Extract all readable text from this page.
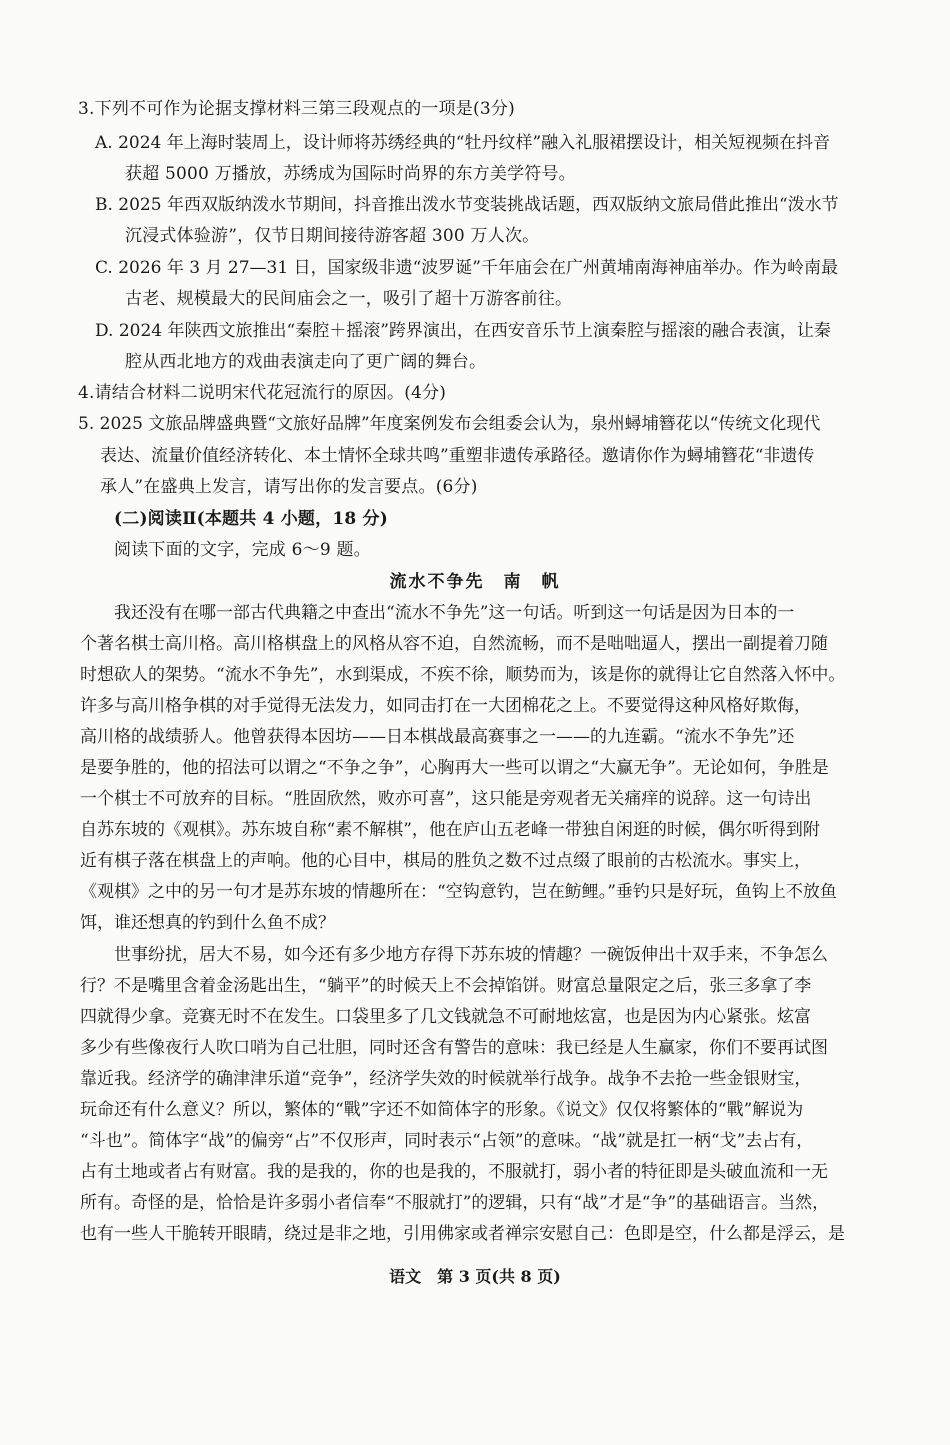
3.下列不可作为论据支撑材料三第三段观点的一项是(3分)
A. 2024 年上海时装周上，设计师将苏绣经典的“牡丹纹样”融入礼服裙摆设计，相关短视频在抖音
获超 5000 万播放，苏绣成为国际时尚界的东方美学符号。
B. 2025 年西双版纳泼水节期间，抖音推出泼水节变装挑战话题，西双版纳文旅局借此推出“泼水节
沉浸式体验游”，仅节日期间接待游客超 300 万人次。
C. 2026 年 3 月 27—31 日，国家级非遗“波罗诞”千年庙会在广州黄埔南海神庙举办。作为岭南最
古老、规模最大的民间庙会之一，吸引了超十万游客前往。
D. 2024 年陕西文旅推出“秦腔＋摇滚”跨界演出，在西安音乐节上演秦腔与摇滚的融合表演，让秦
腔从西北地方的戏曲表演走向了更广阔的舞台。
4.请结合材料二说明宋代花冠流行的原因。(4分)
5. 2025 文旅品牌盛典暨“文旅好品牌”年度案例发布会组委会认为，泉州蟳埔簪花以“传统文化现代
表达、流量价值经济转化、本土情怀全球共鸣”重塑非遗传承路径。邀请你作为蟳埔簪花“非遗传
承人”在盛典上发言，请写出你的发言要点。(6分)
(二)阅读Ⅱ(本题共 4 小题，18 分)
阅读下面的文字，完成 6～9 题。
流水不争先　南　帆
我还没有在哪一部古代典籍之中查出“流水不争先”这一句话。听到这一句话是因为日本的一
个著名棋士高川格。高川格棋盘上的风格从容不迫，自然流畅，而不是咄咄逼人，摆出一副提着刀随
时想砍人的架势。“流水不争先”，水到渠成，不疾不徐，顺势而为，该是你的就得让它自然落入怀中。
许多与高川格争棋的对手觉得无法发力，如同击打在一大团棉花之上。不要觉得这种风格好欺侮，
高川格的战绩骄人。他曾获得本因坊——日本棋战最高赛事之一——的九连霸。“流水不争先”还
是要争胜的，他的招法可以谓之“不争之争”，心胸再大一些可以谓之“大赢无争”。无论如何，争胜是
一个棋士不可放弃的目标。“胜固欣然，败亦可喜”，这只能是旁观者无关痛痒的说辞。这一句诗出
自苏东坡的《观棋》。苏东坡自称“素不解棋”，他在庐山五老峰一带独自闲逛的时候，偶尔听得到附
近有棋子落在棋盘上的声响。他的心目中，棋局的胜负之数不过点缀了眼前的古松流水。事实上，
《观棋》之中的另一句才是苏东坡的情趣所在：“空钩意钓，岂在鲂鲤。”垂钓只是好玩，鱼钩上不放鱼
饵，谁还想真的钓到什么鱼不成？
世事纷扰，居大不易，如今还有多少地方存得下苏东坡的情趣？一碗饭伸出十双手来，不争怎么
行？不是嘴里含着金汤匙出生，“躺平”的时候天上不会掉馅饼。财富总量限定之后，张三多拿了李
四就得少拿。竞赛无时不在发生。口袋里多了几文钱就急不可耐地炫富，也是因为内心紧张。炫富
多少有些像夜行人吹口哨为自己壮胆，同时还含有警告的意味：我已经是人生赢家，你们不要再试图
靠近我。经济学的确津津乐道“竞争”，经济学失效的时候就举行战争。战争不去抢一些金银财宝，
玩命还有什么意义？所以，繁体的“戰”字还不如简体字的形象。《说文》仅仅将繁体的“戰”解说为
“斗也”。简体字“战”的偏旁“占”不仅形声，同时表示“占领”的意味。“战”就是扛一柄“戈”去占有，
占有土地或者占有财富。我的是我的，你的也是我的，不服就打，弱小者的特征即是头破血流和一无
所有。奇怪的是，恰恰是许多弱小者信奉“不服就打”的逻辑，只有“战”才是“争”的基础语言。当然，
也有一些人干脆转开眼睛，绕过是非之地，引用佛家或者禅宗安慰自己：色即是空，什么都是浮云，是
语文　第 3 页(共 8 页)
